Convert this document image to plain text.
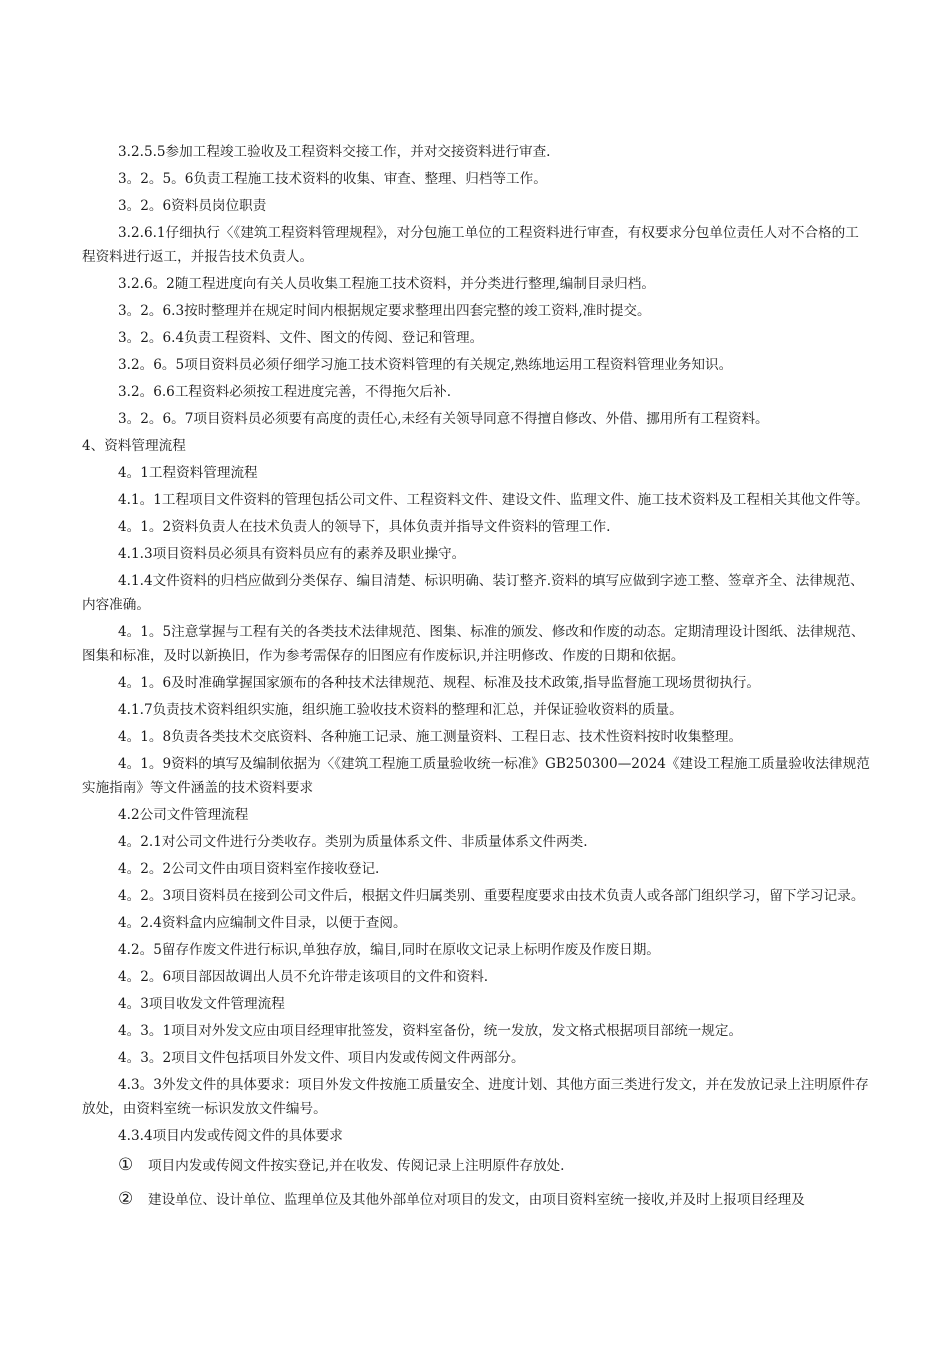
3.2.5.5参加工程竣工验收及工程资料交接工作，并对交接资料进行审查.

3。2。5。6负责工程施工技术资料的收集、审查、整理、归档等工作。

3。2。6资料员岗位职责

3.2.6.1仔细执行〈《建筑工程资料管理规程》，对分包施工单位的工程资料进行审查，有权要求分包单位责任人对不合格的工程资料进行返工，并报告技术负责人。

3.2.6。2随工程进度向有关人员收集工程施工技术资料，并分类进行整理,编制目录归档。

3。2。6.3按时整理并在规定时间内根据规定要求整理出四套完整的竣工资料,准时提交。

3。2。6.4负责工程资料、文件、图文的传阅、登记和管理。

3.2。6。5项目资料员必须仔细学习施工技术资料管理的有关规定,熟练地运用工程资料管理业务知识。

3.2。6.6工程资料必须按工程进度完善，不得拖欠后补.

3。2。6。7项目资料员必须要有高度的责任心,未经有关领导同意不得擅自修改、外借、挪用所有工程资料。

4、资料管理流程

4。1工程资料管理流程

4.1。1工程项目文件资料的管理包括公司文件、工程资料文件、建设文件、监理文件、施工技术资料及工程相关其他文件等。

4。1。2资料负责人在技术负责人的领导下，具体负责并指导文件资料的管理工作.

4.1.3项目资料员必须具有资料员应有的素养及职业操守。

4.1.4文件资料的归档应做到分类保存、编目清楚、标识明确、装订整齐.资料的填写应做到字迹工整、签章齐全、法律规范、内容准确。

4。1。5注意掌握与工程有关的各类技术法律规范、图集、标准的颁发、修改和作废的动态。定期清理设计图纸、法律规范、图集和标准，及时以新换旧，作为参考需保存的旧图应有作废标识,并注明修改、作废的日期和依据。

4。1。6及时准确掌握国家颁布的各种技术法律规范、规程、标准及技术政策,指导监督施工现场贯彻执行。

4.1.7负责技术资料组织实施，组织施工验收技术资料的整理和汇总，并保证验收资料的质量。

4。1。8负责各类技术交底资料、各种施工记录、施工测量资料、工程日志、技术性资料按时收集整理。

4。1。9资料的填写及编制依据为〈《建筑工程施工质量验收统一标准》GB250300—2024《建设工程施工质量验收法律规范实施指南》等文件涵盖的技术资料要求

4.2公司文件管理流程

4。2.1对公司文件进行分类收存。类别为质量体系文件、非质量体系文件两类.

4。2。2公司文件由项目资料室作接收登记.

4。2。3项目资料员在接到公司文件后，根据文件归属类别、重要程度要求由技术负责人或各部门组织学习，留下学习记录。

4。2.4资料盒内应编制文件目录，以便于查阅。

4.2。5留存作废文件进行标识,单独存放，编目,同时在原收文记录上标明作废及作废日期。

4。2。6项目部因故调出人员不允许带走该项目的文件和资料.

4。3项目收发文件管理流程

4。3。1项目对外发文应由项目经理审批签发，资料室备份，统一发放，发文格式根据项目部统一规定。

4。3。2项目文件包括项目外发文件、项目内发或传阅文件两部分。

4.3。3外发文件的具体要求：项目外发文件按施工质量安全、进度计划、其他方面三类进行发文，并在发放记录上注明原件存放处，由资料室统一标识发放文件编号。

4.3.4项目内发或传阅文件的具体要求

① 项目内发或传阅文件按实登记,并在收发、传阅记录上注明原件存放处.

② 建设单位、设计单位、监理单位及其他外部单位对项目的发文，由项目资料室统一接收,并及时上报项目经理及
